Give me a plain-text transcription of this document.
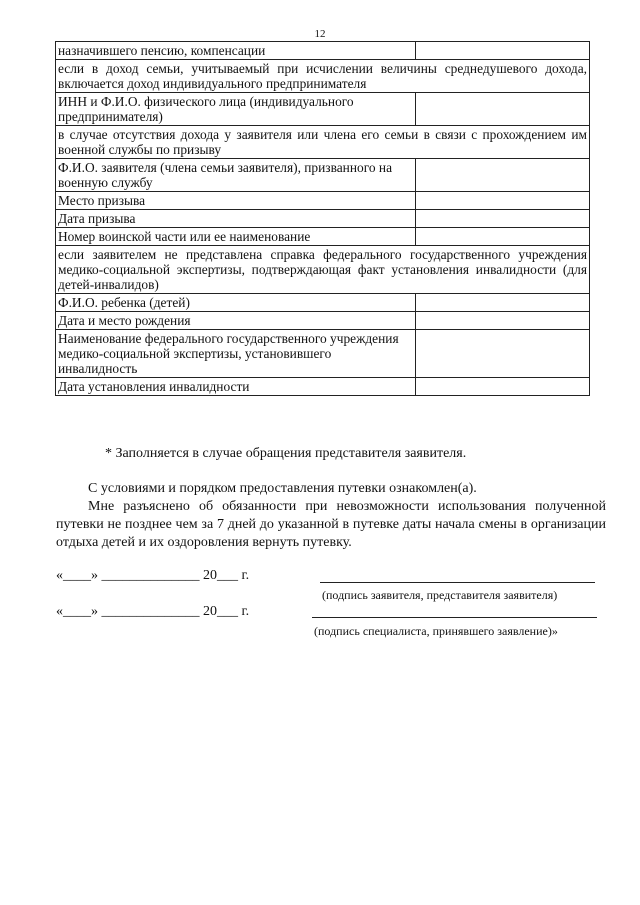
12
назначившего пенсию, компенсации	
если в доход семьи, учитываемый при исчислении величины среднедушевого дохода, включается доход индивидуального предпринимателя	
ИНН и Ф.И.О. физического лица (индивидуального предпринимателя)	
в случае отсутствия дохода у заявителя или члена его семьи в связи с прохождением им военной службы по призыву	
Ф.И.О. заявителя (члена семьи заявителя), призванного на военную службу	
Место призыва	
Дата призыва	
Номер воинской части или ее наименование	
если заявителем не представлена справка федерального государственного учреждения медико-социальной экспертизы, подтверждающая факт установления инвалидности (для детей-инвалидов)	
Ф.И.О. ребенка (детей)	
Дата и место рождения	
Наименование федерального государственного учреждения медико-социальной экспертизы, установившего инвалидность	
Дата установления инвалидности	
* Заполняется в случае обращения представителя заявителя.
С условиями и порядком предоставления путевки ознакомлен(а).
Мне разъяснено об обязанности при невозможности использования полученной путевки не позднее чем за 7 дней до указанной в путевке даты начала смены в организации отдыха детей и их оздоровления вернуть путевку.
«____» ______________ 20___ г.
(подпись заявителя, представителя заявителя)
«____» ______________ 20___ г.
(подпись специалиста, принявшего заявление)»
